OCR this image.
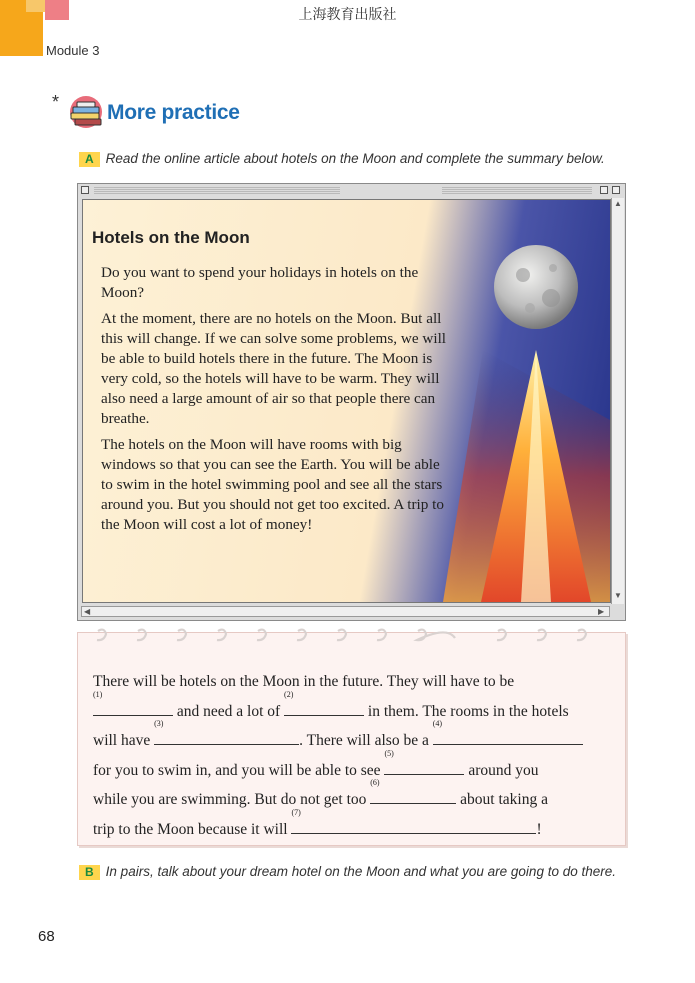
上海教育出版社
Module 3
* More practice
A Read the online article about hotels on the Moon and complete the summary below.
▲
▼
◀	▶
Hotels on the Moon

Do you want to spend your holidays in hotels on the Moon?

At the moment, there are no hotels on the Moon. But all this will change. If we can solve some problems, we will be able to build hotels there in the future. The Moon is very cold, so the hotels will have to be warm. They will also need a large amount of air so that people there can breathe.

The hotels on the Moon will have rooms with big windows so that you can see the Earth. You will be able to swim in the hotel swimming pool and see all the stars around you. But you should not get too excited. A trip to the Moon will cost a lot of money!

There will be hotels on the Moon in the future. They will have to be

(1)
and need a lot of
(2)
in them. The rooms in the hotels
will have
(3)
. There will also be a
(4)

for you to swim in, and you will be able to see
(5)
around you
while you are swimming. But do not get too
(6)
about taking a
trip to the Moon because it will
(7)
!
B In pairs, talk about your dream hotel on the Moon and what you are going to do there.
68
